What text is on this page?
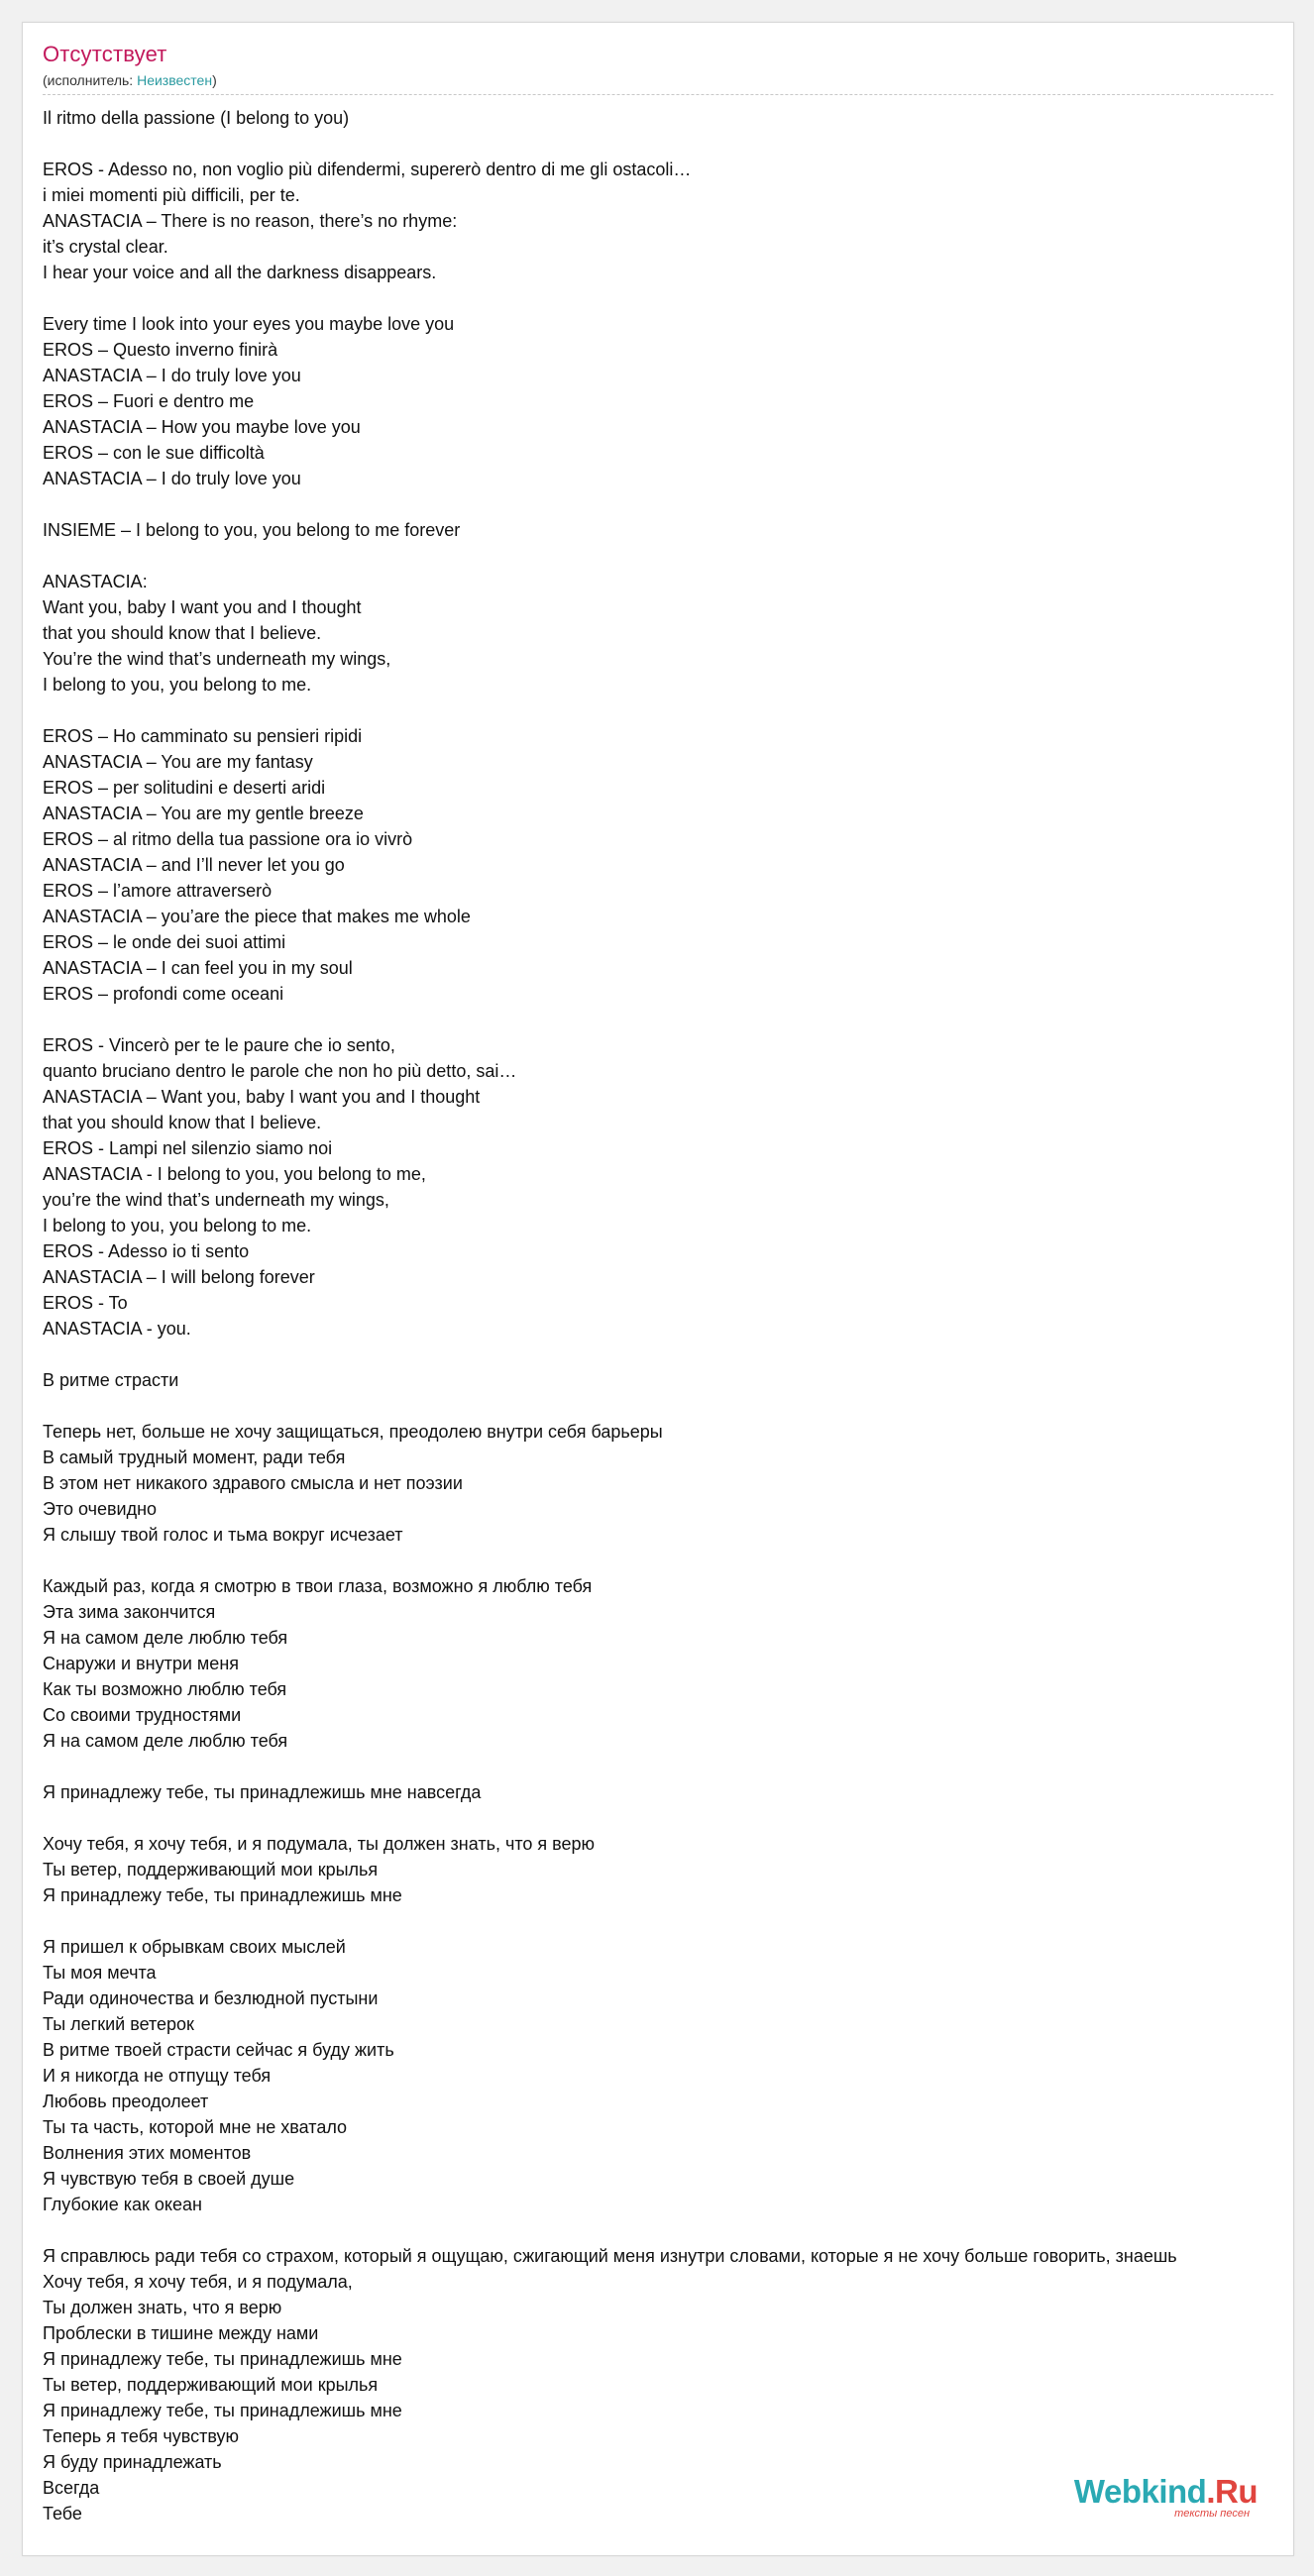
Отсутствует
(исполнитель: Неизвестен)
Il ritmo della passione (I belong to you)
EROS - Adesso no, non voglio più difendermi, supererò dentro di me gli ostacoli…
i miei momenti più difficili, per te.
ANASTACIA – There is no reason, there’s no rhyme:
it’s crystal clear.
I hear your voice and all the darkness disappears.
Every time I look into your eyes you maybe love you
EROS – Questo inverno finirà
ANASTACIA – I do truly love you
EROS – Fuori e dentro me
ANASTACIA – How you maybe love you
EROS – con le sue difficoltà
ANASTACIA – I do truly love you
INSIEME – I belong to you, you belong to me forever
ANASTACIA:
Want you, baby I want you and I thought
that you should know that I believe.
You’re the wind that’s underneath my wings,
I belong to you, you belong to me.
EROS – Ho camminato su pensieri ripidi
ANASTACIA – You are my fantasy
EROS – per solitudini e deserti aridi
ANASTACIA – You are my gentle breeze
EROS – al ritmo della tua passione ora io vivrò
ANASTACIA – and I’ll never let you go
EROS – l’amore attraverserò
ANASTACIA – you’are the piece that makes me whole
EROS – le onde dei suoi attimi
ANASTACIA – I can feel you in my soul
EROS – profondi come oceani
EROS - Vincerò per te le paure che io sento,
quanto bruciano dentro le parole che non ho più detto, sai…
ANASTACIA – Want you, baby I want you and I thought
that you should know that I believe.
EROS - Lampi nel silenzio siamo noi
ANASTACIA - I belong to you, you belong to me,
you’re the wind that’s underneath my wings,
I belong to you, you belong to me.
EROS - Adesso io ti sento
ANASTACIA – I will belong forever
EROS - To
ANASTACIA - you.
В ритме страсти
Теперь нет, больше не хочу защищаться, преодолею внутри себя барьеры
В самый трудный момент, ради тебя
В этом нет никакого здравого смысла и нет поэзии
Это очевидно
Я слышу твой голос и тьма вокруг исчезает
Каждый раз, когда я смотрю в твои глаза, возможно я люблю тебя
Эта зима закончится
Я на самом деле люблю тебя
Снаружи и внутри меня
Как ты возможно люблю тебя
Со своими трудностями
Я на самом деле люблю тебя
Я принадлежу тебе, ты принадлежишь мне навсегда
Хочу тебя, я хочу тебя, и я подумала, ты должен знать, что я верю
Ты ветер, поддерживающий мои крылья
Я принадлежу тебе, ты принадлежишь мне
Я пришел к обрывкам своих мыслей
Ты моя мечта
Ради одиночества и безлюдной пустыни
Ты легкий ветерок
В ритме твоей страсти сейчас я буду жить
И я никогда не отпущу тебя
Любовь преодолеет
Ты та часть, которой мне не хватало
Волнения этих моментов
Я чувствую тебя в своей душе
Глубокие как океан
Я справлюсь ради тебя со страхом, который я ощущаю, сжигающий меня изнутри словами, которые я не хочу больше говорить, знаешь
Хочу тебя, я хочу тебя, и я подумала,
Ты должен знать, что я верю
Проблески в тишине между нами
Я принадлежу тебе, ты принадлежишь мне
Ты ветер, поддерживающий мои крылья
Я принадлежу тебе, ты принадлежишь мне
Теперь я тебя чувствую
Я буду принадлежать
Всегда
Тебе
Webkind.Ru
тексты песен
